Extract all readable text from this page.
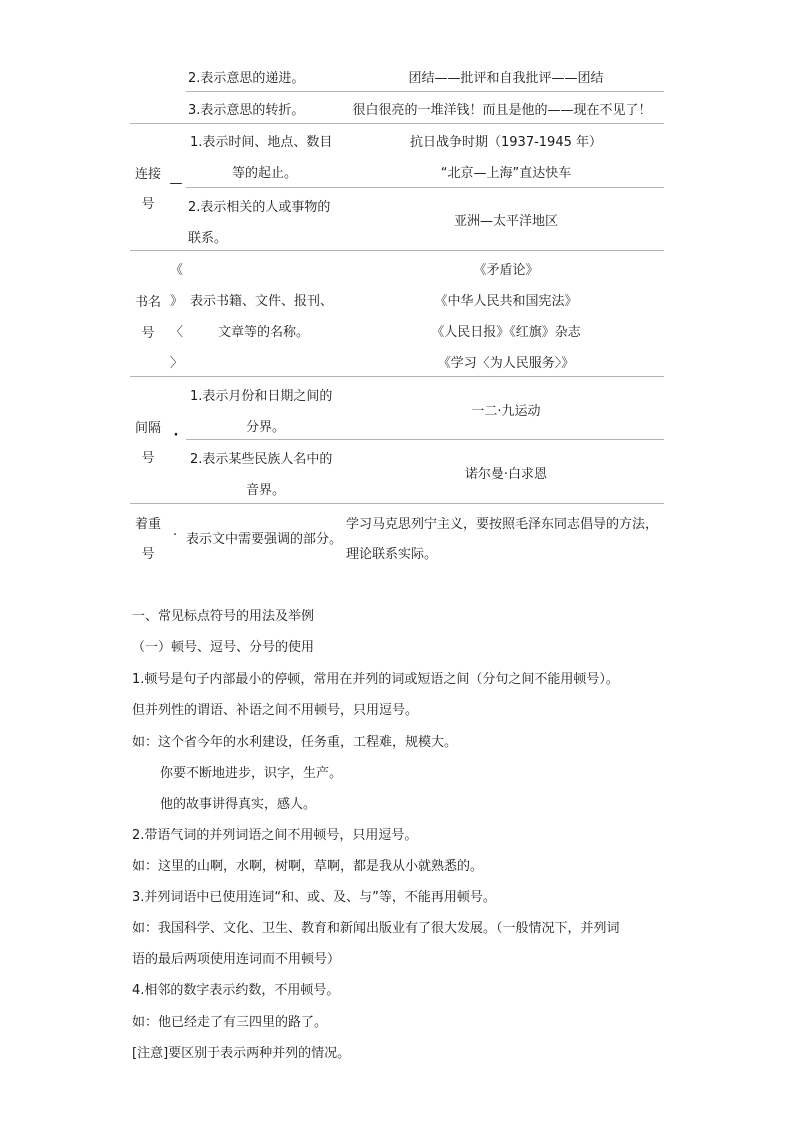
2.表示意思的递进。	团结——批评和自我批评——团结
3.表示意思的转折。	很白很亮的一堆洋钱！而且是他的——现在不见了！
连接
号
—
1.表示时间、地点、数目
等的起止。
抗日战争时期（1937-1945 年）
“北京—上海”直达快车
2.表示相关的人或事物的
联系。
亚洲—太平洋地区
书名
号
《
》
〈
〉
表示书籍、文件、报刊、
文章等的名称。
《矛盾论》
《中华人民共和国宪法》
《人民日报》《红旗》杂志
《学习〈为人民服务〉》
间隔
号
·
1.表示月份和日期之间的
分界。
一二·九运动
2.表示某些民族人名中的
音界。
诺尔曼·白求恩
着重
号
.
表示文中需要强调的部分。
学习马克思列宁主义，要按照毛泽东同志倡导的方法，
理论联系实际。
一、常见标点符号的用法及举例
（一）顿号、逗号、分号的使用
1.顿号是句子内部最小的停顿，常用在并列的词或短语之间（分句之间不能用顿号）。
但并列性的谓语、补语之间不用顿号，只用逗号。
如：这个省今年的水利建设，任务重，工程难，规模大。
你要不断地进步，识字，生产。
他的故事讲得真实，感人。
2.带语气词的并列词语之间不用顿号，只用逗号。
如：这里的山啊，水啊，树啊，草啊，都是我从小就熟悉的。
3.并列词语中已使用连词“和、或、及、与”等，不能再用顿号。
如：我国科学、文化、卫生、教育和新闻出版业有了很大发展。（一般情况下，并列词
语的最后两项使用连词而不用顿号）
4.相邻的数字表示约数，不用顿号。
如：他已经走了有三四里的路了。
[注意]要区别于表示两种并列的情况。
